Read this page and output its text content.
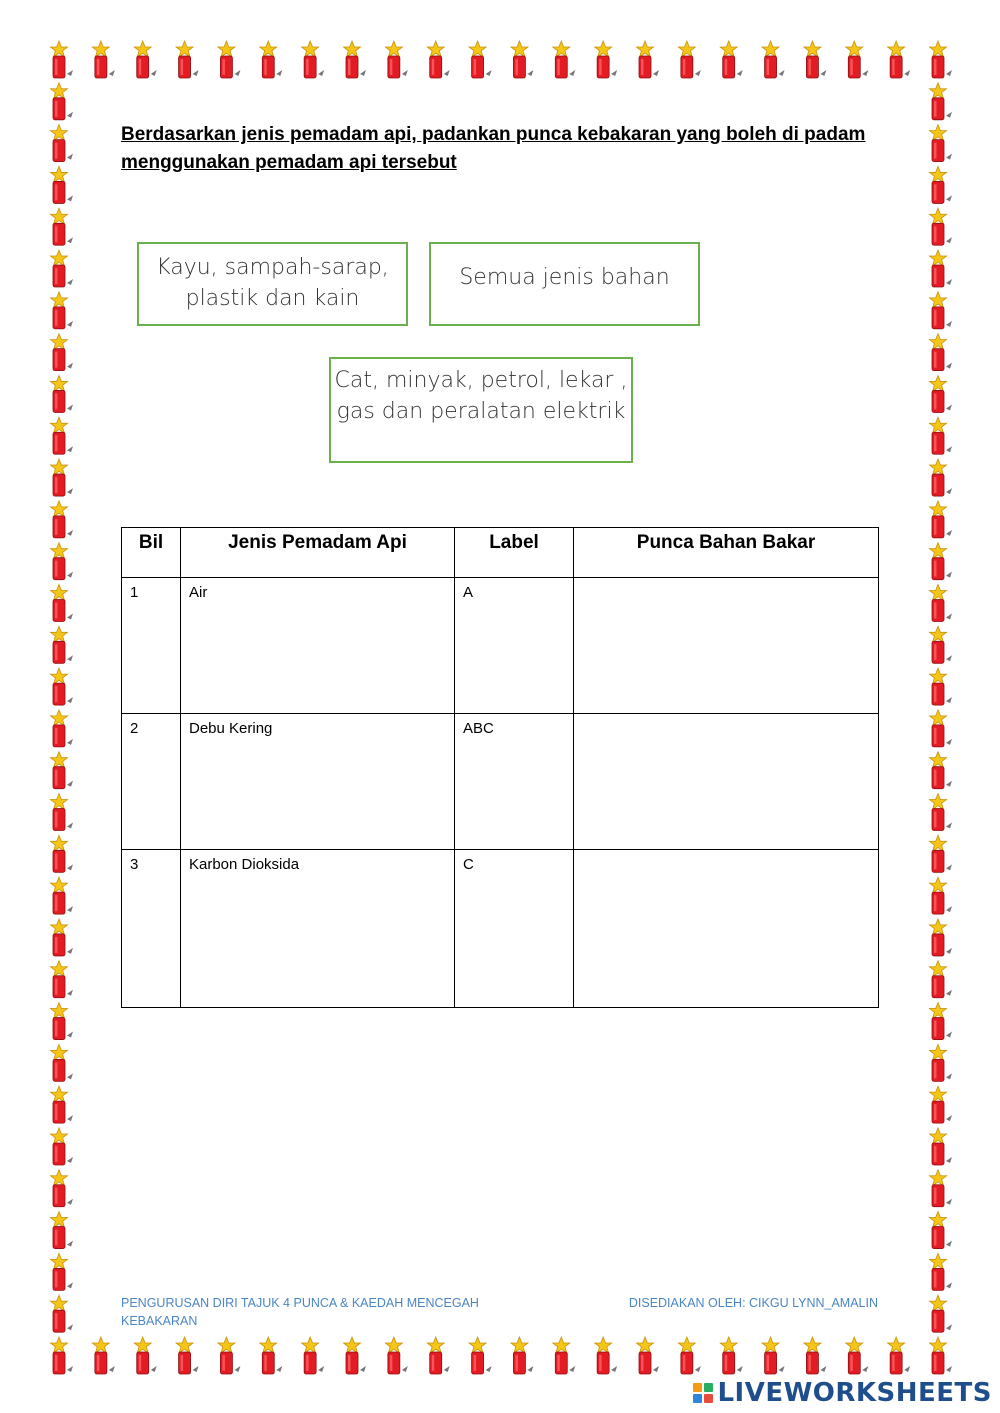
Berdasarkan jenis pemadam api, padankan punca kebakaran yang boleh di padam menggunakan pemadam api tersebut

Kayu, sampah-sarap, plastik dan kain
Semua jenis bahan
Cat, minyak, petrol, lekar , gas dan peralatan elektrik
Bil	Jenis Pemadam Api	Label	Punca Bahan Bakar
1	Air	A	
2	Debu Kering	ABC	
3	Karbon Dioksida	C	
PENGURUSAN DIRI TAJUK 4 PUNCA & KAEDAH MENCEGAH KEBAKARAN
DISEDIAKAN OLEH: CIKGU LYNN_AMALIN
LIVEWORKSHEETS
